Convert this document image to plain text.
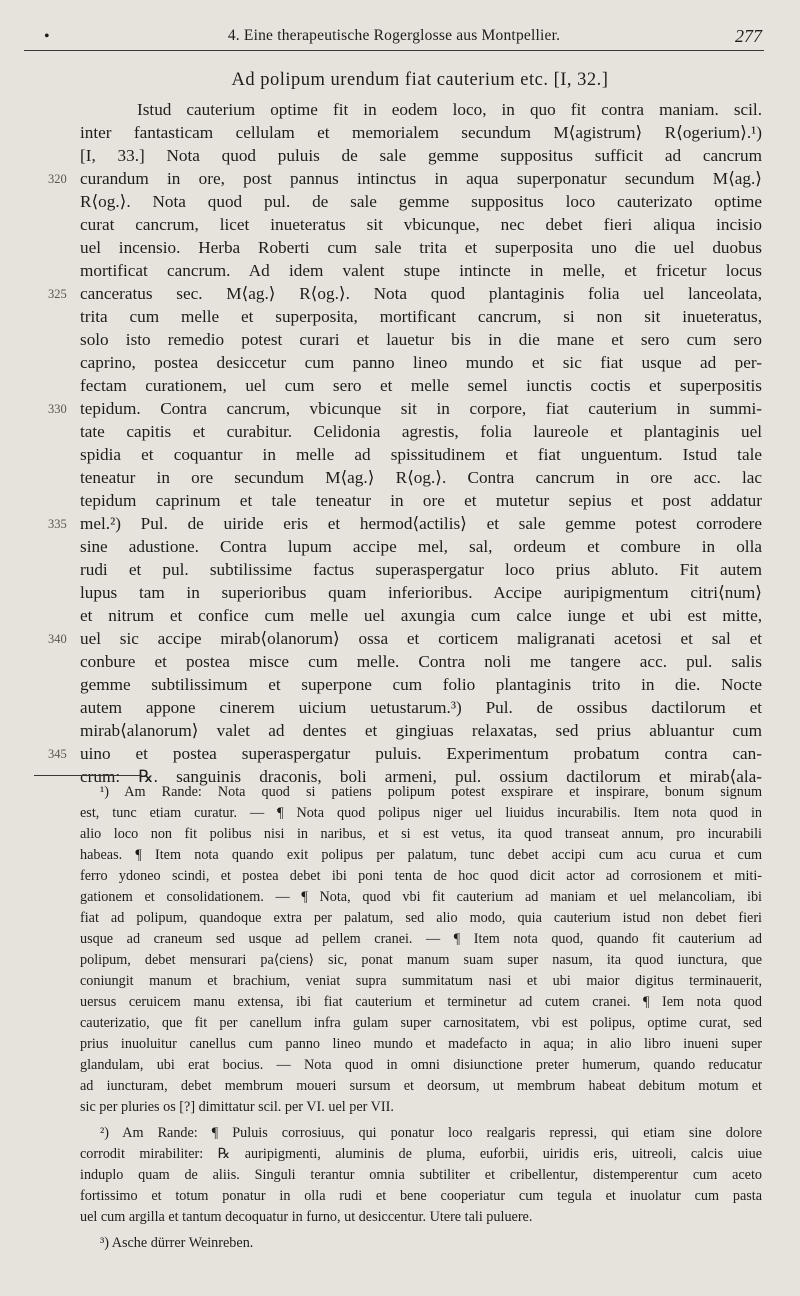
•	4. Eine therapeutische Rogerglosse aus Montpellier.	277
Ad polipum urendum fiat cauterium etc. [I, 32.]
Istud cauterium optime fit in eodem loco, in quo fit contra maniam. scil.
inter fantasticam cellulam et memorialem secundum M⟨agistrum⟩ R⟨ogerium⟩.¹)
[I, 33.] Nota quod puluis de sale gemme suppositus sufficit ad cancrum
320 curandum in ore, post pannus intinctus in aqua superponatur secundum M⟨ag.⟩
R⟨og.⟩. Nota quod pul. de sale gemme suppositus loco cauterizato optime
curat cancrum, licet inueteratus sit vbicunque, nec debet fieri aliqua incisio
uel incensio. Herba Roberti cum sale trita et superposita uno die uel duobus
mortificat cancrum. Ad idem valent stupe intincte in melle, et fricetur locus
325 canceratus sec. M⟨ag.⟩ R⟨og.⟩. Nota quod plantaginis folia uel lanceolata,
trita cum melle et superposita, mortificant cancrum, si non sit inueteratus,
solo isto remedio potest curari et lauetur bis in die mane et sero cum sero
caprino, postea desiccetur cum panno lineo mundo et sic fiat usque ad per-
fectam curationem, uel cum sero et melle semel iunctis coctis et superpositis
330 tepidum. Contra cancrum, vbicunque sit in corpore, fiat cauterium in summi-
tate capitis et curabitur. Celidonia agrestis, folia laureole et plantaginis uel
spidia et coquantur in melle ad spissitudinem et fiat unguentum. Istud tale
teneatur in ore secundum M⟨ag.⟩ R⟨og.⟩. Contra cancrum in ore acc. lac
tepidum caprinum et tale teneatur in ore et mutetur sepius et post addatur
335 mel.²) Pul. de uiride eris et hermod⟨actilis⟩ et sale gemme potest corrodere
sine adustione. Contra lupum accipe mel, sal, ordeum et combure in olla
rudi et pul. subtilissime factus superaspergatur loco prius abluto. Fit autem
lupus tam in superioribus quam inferioribus. Accipe auripigmentum citri⟨num⟩
et nitrum et confice cum melle uel axungia cum calce iunge et ubi est mitte,
340 uel sic accipe mirab⟨olanorum⟩ ossa et corticem maligranati acetosi et sal et
conbure et postea misce cum melle. Contra noli me tangere acc. pul. salis
gemme subtilissimum et superpone cum folio plantaginis trito in die. Nocte
autem appone cinerem uicium uetustarum.³) Pul. de ossibus dactilorum et
mirab⟨alanorum⟩ valet ad dentes et gingiuas relaxatas, sed prius abluantur cum
345 uino et postea superaspergatur puluis. Experimentum probatum contra can-
crum: ℞. sanguinis draconis, boli armeni, pul. ossium dactilorum et mirab⟨ala-
¹) Am Rande: Nota quod si patiens polipum potest exspirare et inspirare, bonum signum
est, tunc etiam curatur. — ¶ Nota quod polipus niger uel liuidus incurabilis. Item nota quod in
alio loco non fit polibus nisi in naribus, et si est vetus, ita quod transeat annum, pro incurabili
habeas. ¶ Item nota quando exit polipus per palatum, tunc debet accipi cum acu curua et cum
ferro ydoneo scindi, et postea debet ibi poni tenta de hoc quod dicit actor ad corrosionem et miti-
gationem et consolidationem. — ¶ Nota, quod vbi fit cauterium ad maniam et uel melancoliam, ibi
fiat ad polipum, quandoque extra per palatum, sed alio modo, quia cauterium istud non debet fieri
usque ad craneum sed usque ad pellem cranei. — ¶ Item nota quod, quando fit cauterium ad
polipum, debet mensurari pa⟨ciens⟩ sic, ponat manum suam super nasum, ita quod iunctura, que
coniungit manum et brachium, veniat supra summitatum nasi et ubi maior digitus terminauerit,
uersus ceruicem manu extensa, ibi fiat cauterium et terminetur ad cutem cranei. ¶ Iem nota quod
cauterizatio, que fit per canellum infra gulam super carnositatem, vbi est polipus, optime curat, sed
prius inuoluitur canellus cum panno lineo mundo et madefacto in aqua; in alio libro inueni super
glandulam, ubi erat bocius. — Nota quod in omni disiunctione preter humerum, quando reducatur
ad iuncturam, debet membrum moueri sursum et deorsum, ut membrum habeat debitum motum et
sic per pluries os [?] dimittatur scil. per VI. uel per VII.
²) Am Rande: ¶ Puluis corrosiuus, qui ponatur loco realgaris repressi, qui etiam sine dolore
corrodit mirabiliter: ℞ auripigmenti, aluminis de pluma, euforbii, uiridis eris, uitreoli, calcis uiue
induplo quam de aliis. Singuli terantur omnia subtiliter et cribellentur, distemperentur cum aceto
fortissimo et totum ponatur in olla rudi et bene cooperiatur cum tegula et inuolatur cum pasta
uel cum argilla et tantum decoquatur in furno, ut desiccentur. Utere tali puluere.
³) Asche dürrer Weinreben.
